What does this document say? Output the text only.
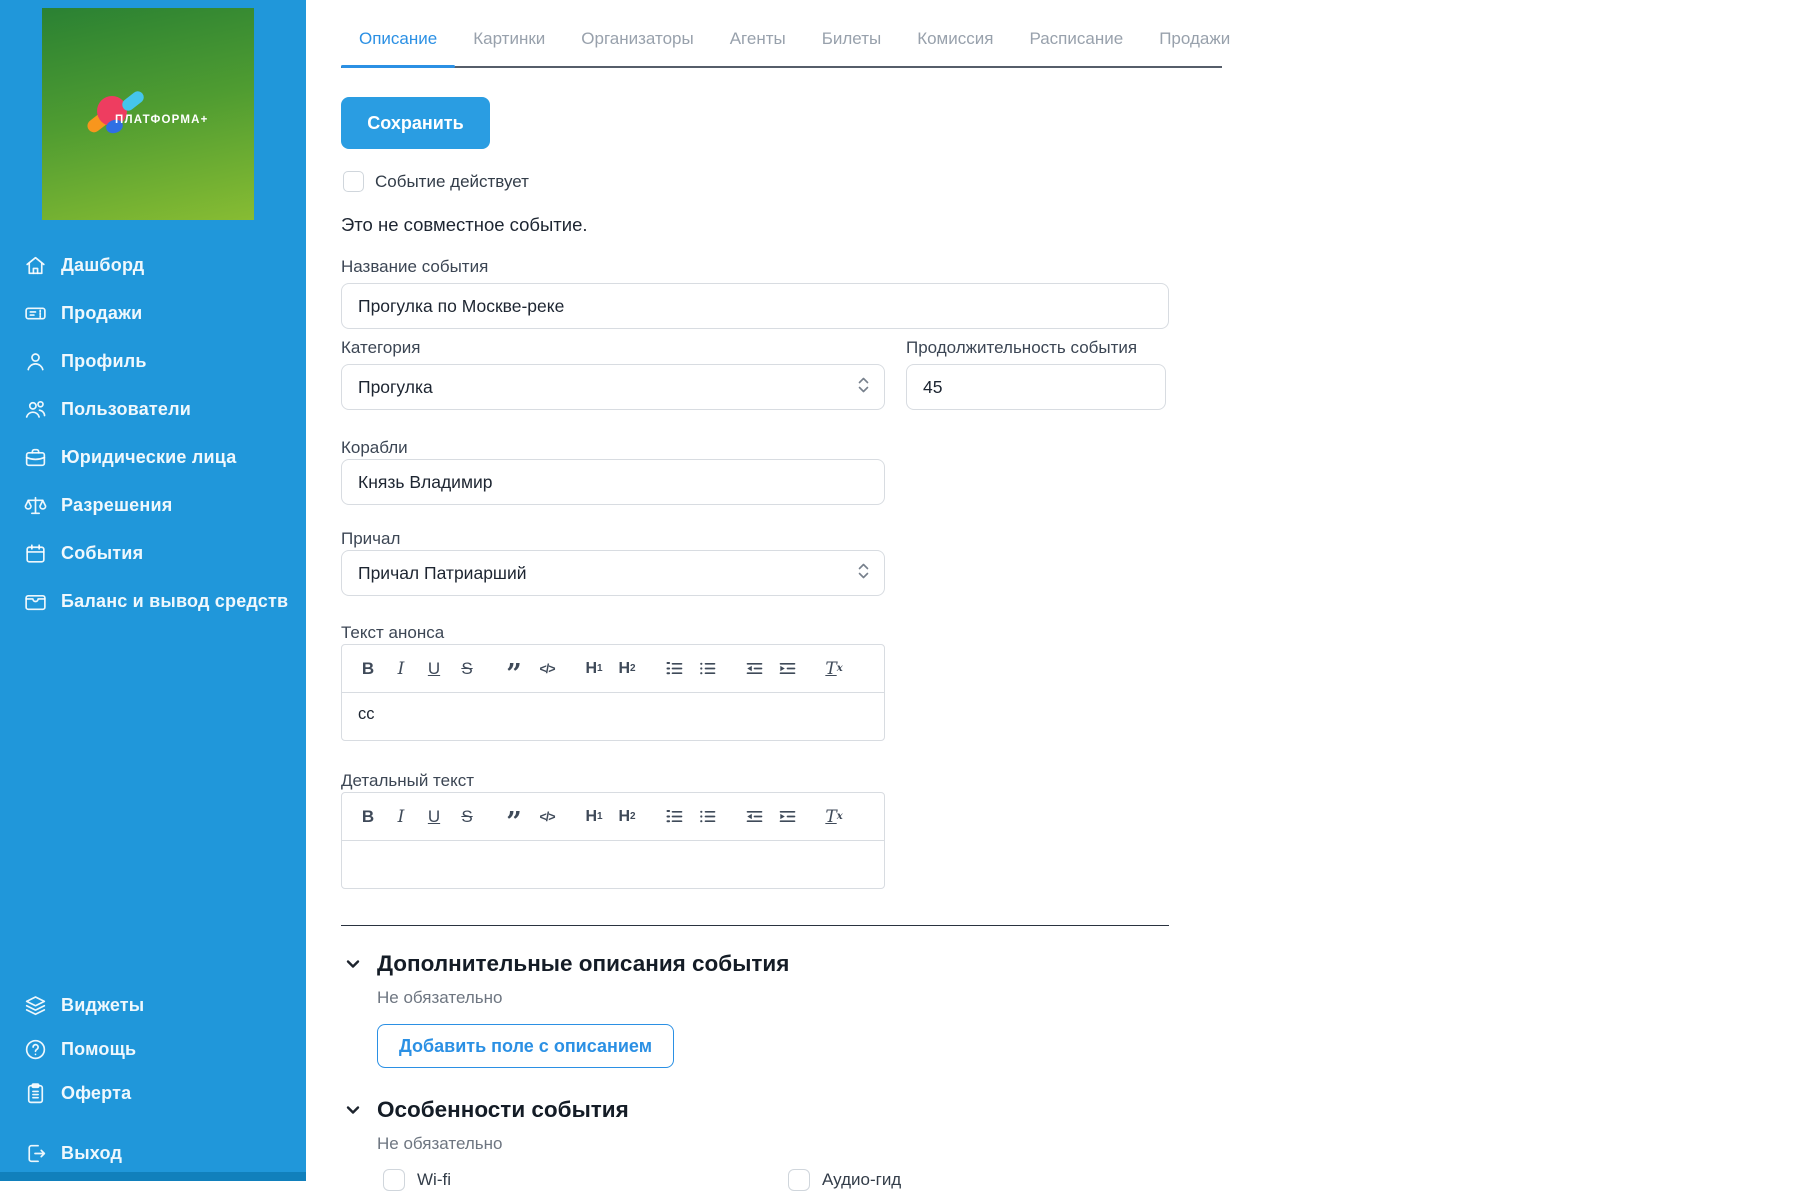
ПЛАТФОРМА+
Дашборд
Продажи
Профиль
Пользователи
Юридические лица
Разрешения
События
Баланс и вывод средств
Виджеты
Помощь
Оферта
Выход
Описание	Картинки	Организаторы	Агенты	Билеты	Комиссия	Расписание	Продажи
Сохранить
Событие действует
Это не совместное событие.
Название события
Прогулка по Москве-реке
Категория
Прогулка
Продолжительность события
45
Корабли
Князь Владимир
Причал
Причал Патриарший
Текст анонса
B	I	U	S ”	</> H 1 H 2	T x
cc
Детальный текст
B	I	U	S ”	</> H 1 H 2	T x
Дополнительные описания события
Не обязательно
Добавить поле с описанием
Особенности события
Не обязательно
Wi-fi	Аудио-гид
